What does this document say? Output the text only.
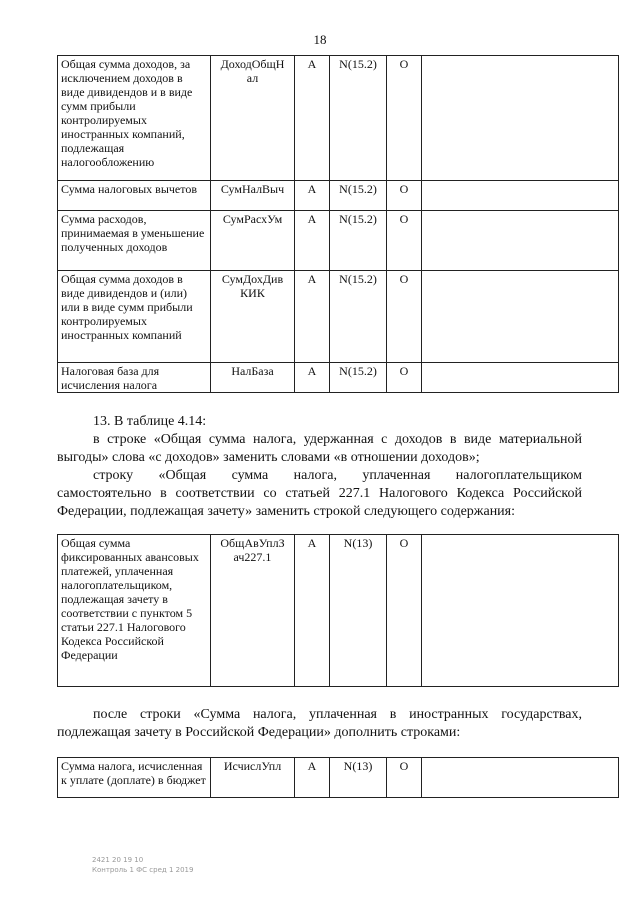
18
Общая сумма доходов, за исключением доходов в виде дивидендов и в виде сумм прибыли контролируемых иностранных компаний, подлежащая налогообложению	ДоходОбщН ал	А	N(15.2)	О	
Сумма налоговых вычетов	СумНалВыч	А	N(15.2)	О	
Сумма расходов, принимаемая в уменьшение полученных доходов	СумРасхУм	А	N(15.2)	О	
Общая сумма доходов в виде дивидендов и (или) или в виде сумм прибыли контролируемых иностранных компаний	СумДохДив КИК	А	N(15.2)	О	
Налоговая база для исчисления налога	НалБаза	А	N(15.2)	О	
13. В таблице 4.14:
в строке «Общая сумма налога, удержанная с доходов в виде материальной
выгоды» слова «с доходов» заменить словами «в отношении доходов»;
строку «Общая сумма налога, уплаченная налогоплательщиком
самостоятельно в соответствии со статьей 227.1 Налогового Кодекса Российской
Федерации, подлежащая зачету» заменить строкой следующего содержания:
Общая сумма фиксированных авансовых платежей, уплаченная налогоплательщиком, подлежащая зачету в соответствии с пунктом 5 статьи 227.1 Налогового Кодекса Российской Федерации	ОбщАвУплЗ ач227.1	А	N(13)	О	
после строки «Сумма налога, уплаченная в иностранных государствах,
подлежащая зачету в Российской Федерации» дополнить строками:
Сумма налога, исчисленная к уплате (доплате) в бюджет	ИсчислУпл	А	N(13)	О	
2421 20 19 10
Контроль 1 ФС сред 1 2019
